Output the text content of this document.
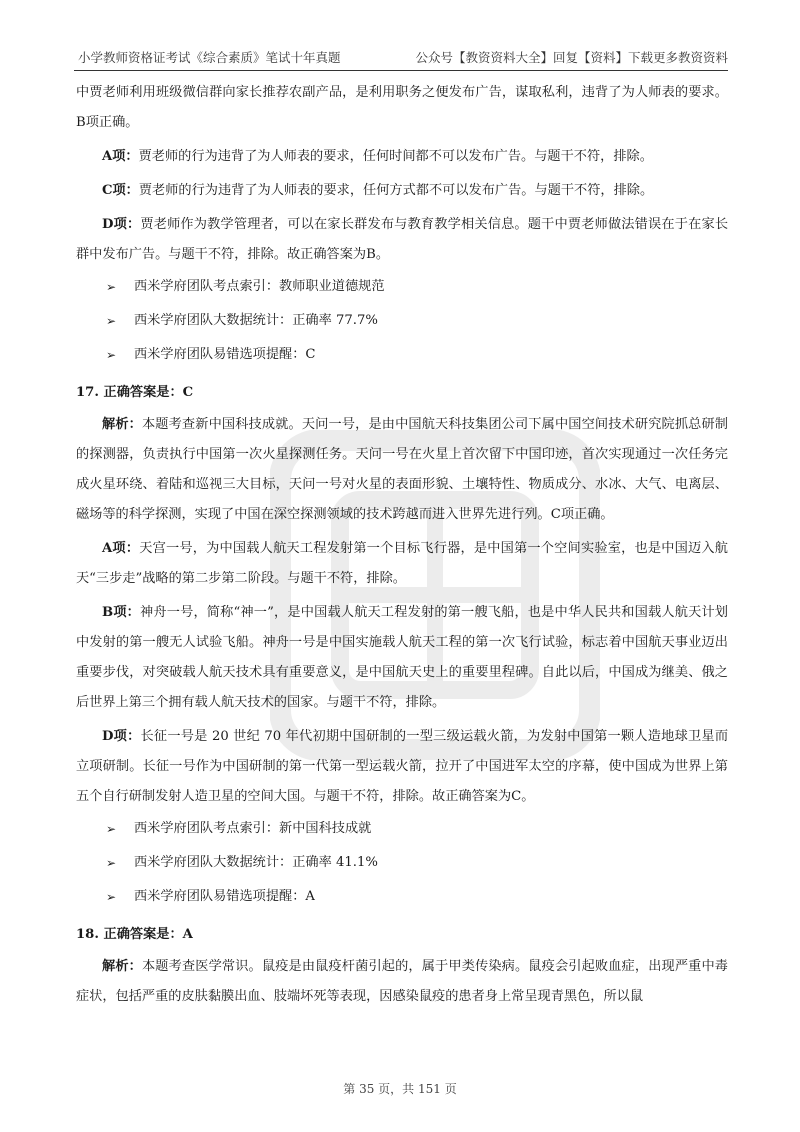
小学教师资格证考试《综合素质》笔试十年真题	公众号【教资资料大全】回复【资料】下载更多教资资料

中贾老师利用班级微信群向家长推荐农副产品，是利用职务之便发布广告，谋取私利，违背了为人师表的要求。B项正确。

A项：贾老师的行为违背了为人师表的要求，任何时间都不可以发布广告。与题干不符，排除。

C项：贾老师的行为违背了为人师表的要求，任何方式都不可以发布广告。与题干不符，排除。

D项：贾老师作为教学管理者，可以在家长群发布与教育教学相关信息。题干中贾老师做法错误在于在家长群中发布广告。与题干不符，排除。故正确答案为B。

➢ 西米学府团队考点索引：教师职业道德规范
➢ 西米学府团队大数据统计：正确率 77.7%
➢ 西米学府团队易错选项提醒：C

17. 正确答案是：C

解析：本题考查新中国科技成就。天问一号，是由中国航天科技集团公司下属中国空间技术研究院抓总研制的探测器，负责执行中国第一次火星探测任务。天问一号在火星上首次留下中国印迹，首次实现通过一次任务完成火星环绕、着陆和巡视三大目标，天问一号对火星的表面形貌、土壤特性、物质成分、水冰、大气、电离层、磁场等的科学探测，实现了中国在深空探测领域的技术跨越而进入世界先进行列。C项正确。

A项：天宫一号，为中国载人航天工程发射第一个目标飞行器，是中国第一个空间实验室，也是中国迈入航天“三步走”战略的第二步第二阶段。与题干不符，排除。

B项：神舟一号，简称“神一”，是中国载人航天工程发射的第一艘飞船，也是中华人民共和国载人航天计划中发射的第一艘无人试验飞船。神舟一号是中国实施载人航天工程的第一次飞行试验，标志着中国航天事业迈出重要步伐，对突破载人航天技术具有重要意义，是中国航天史上的重要里程碑。自此以后，中国成为继美、俄之后世界上第三个拥有载人航天技术的国家。与题干不符，排除。

D项：长征一号是 20 世纪 70 年代初期中国研制的一型三级运载火箭，为发射中国第一颗人造地球卫星而立项研制。长征一号作为中国研制的第一代第一型运载火箭，拉开了中国进军太空的序幕，使中国成为世界上第五个自行研制发射人造卫星的空间大国。与题干不符，排除。故正确答案为C。

➢ 西米学府团队考点索引：新中国科技成就
➢ 西米学府团队大数据统计：正确率 41.1%
➢ 西米学府团队易错选项提醒：A

18. 正确答案是：A

解析：本题考查医学常识。鼠疫是由鼠疫杆菌引起的，属于甲类传染病。鼠疫会引起败血症，出现严重中毒症状，包括严重的皮肤黏膜出血、肢端坏死等表现，因感染鼠疫的患者身上常呈现青黑色，所以鼠

第 35 页，共 151 页
